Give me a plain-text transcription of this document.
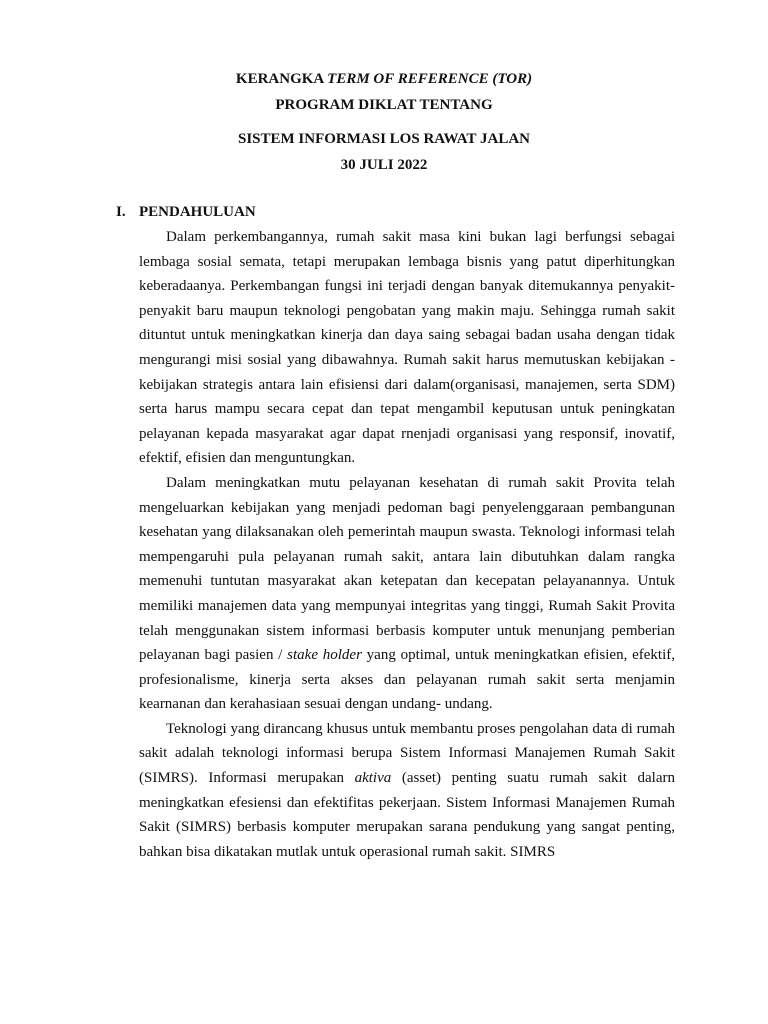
KERANGKA TERM OF REFERENCE (TOR)
PROGRAM DIKLAT TENTANG
SISTEM INFORMASI LOS RAWAT JALAN
30 JULI 2022
I. PENDAHULUAN

Dalam perkembangannya, rumah sakit masa kini bukan lagi berfungsi sebagai lembaga sosial semata, tetapi merupakan lembaga bisnis yang patut diperhitungkan keberadaanya. Perkembangan fungsi ini terjadi dengan banyak ditemukannya penyakit-penyakit baru maupun teknologi pengobatan yang makin maju. Sehingga rumah sakit dituntut untuk meningkatkan kinerja dan daya saing sebagai badan usaha dengan tidak mengurangi misi sosial yang dibawahnya. Rumah sakit harus memutuskan kebijakan - kebijakan strategis antara lain efisiensi dari dalam(organisasi, manajemen, serta SDM) serta harus mampu secara cepat dan tepat mengambil keputusan untuk peningkatan pelayanan kepada masyarakat agar dapat rnenjadi organisasi yang responsif, inovatif, efektif, efisien dan menguntungkan.

Dalam meningkatkan mutu pelayanan kesehatan di rumah sakit Provita telah mengeluarkan kebijakan yang menjadi pedoman bagi penyelenggaraan pembangunan kesehatan yang dilaksanakan oleh pemerintah maupun swasta. Teknologi informasi telah mempengaruhi pula pelayanan rumah sakit, antara lain dibutuhkan dalam rangka memenuhi tuntutan masyarakat akan ketepatan dan kecepatan pelayanannya. Untuk memiliki manajemen data yang mempunyai integritas yang tinggi, Rumah Sakit Provita telah menggunakan sistem informasi berbasis komputer untuk menunjang pemberian pelayanan bagi pasien / stake holder yang optimal, untuk meningkatkan efisien, efektif, profesionalisme, kinerja serta akses dan pelayanan rumah sakit serta menjamin kearnanan dan kerahasiaan sesuai dengan undang- undang.

Teknologi yang dirancang khusus untuk membantu proses pengolahan data di rumah sakit adalah teknologi informasi berupa Sistem Informasi Manajemen Rumah Sakit (SIMRS). Informasi merupakan aktiva (asset) penting suatu rumah sakit dalarn meningkatkan efesiensi dan efektifitas pekerjaan. Sistem Informasi Manajemen Rumah Sakit (SIMRS) berbasis komputer merupakan sarana pendukung yang sangat penting, bahkan bisa dikatakan mutlak untuk operasional rumah sakit. SIMRS
